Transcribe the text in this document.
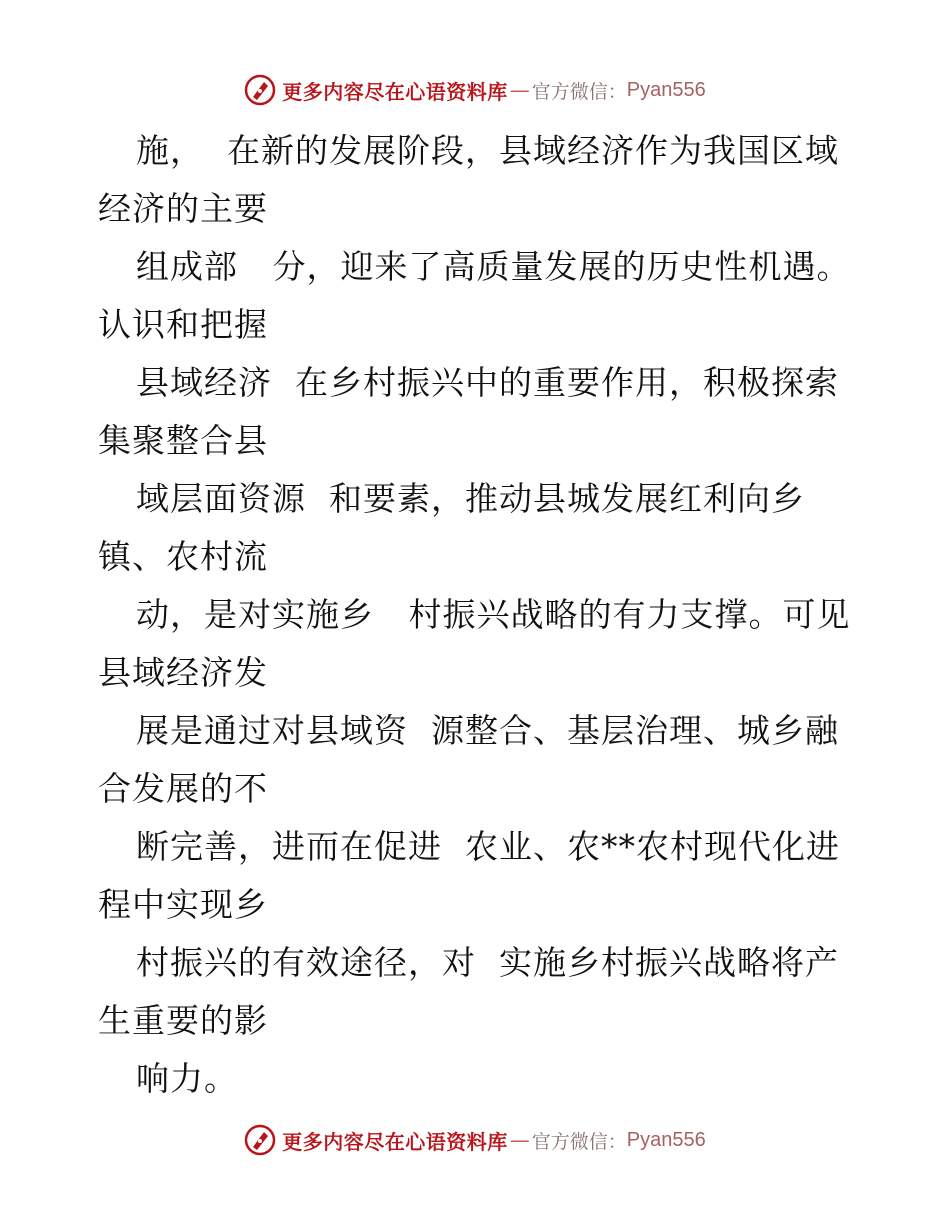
更多内容尽在心语资料库 — 官方微信： Pyan556
施，  在新的发展阶段，县域经济作为我国区域
经济的主要
组成部   分，迎来了高质量发展的历史性机遇。
认识和把握
县域经济  在乡村振兴中的重要作用，积极探索
集聚整合县
域层面资源  和要素，推动县城发展红利向乡
镇、农村流
动，是对实施乡   村振兴战略的有力支撑。可见
县域经济发
展是通过对县域资  源整合、基层治理、城乡融
合发展的不
断完善，进而在促进  农业、农**农村现代化进
程中实现乡
村振兴的有效途径，对  实施乡村振兴战略将产
生重要的影
响力。
更多内容尽在心语资料库 — 官方微信： Pyan556
